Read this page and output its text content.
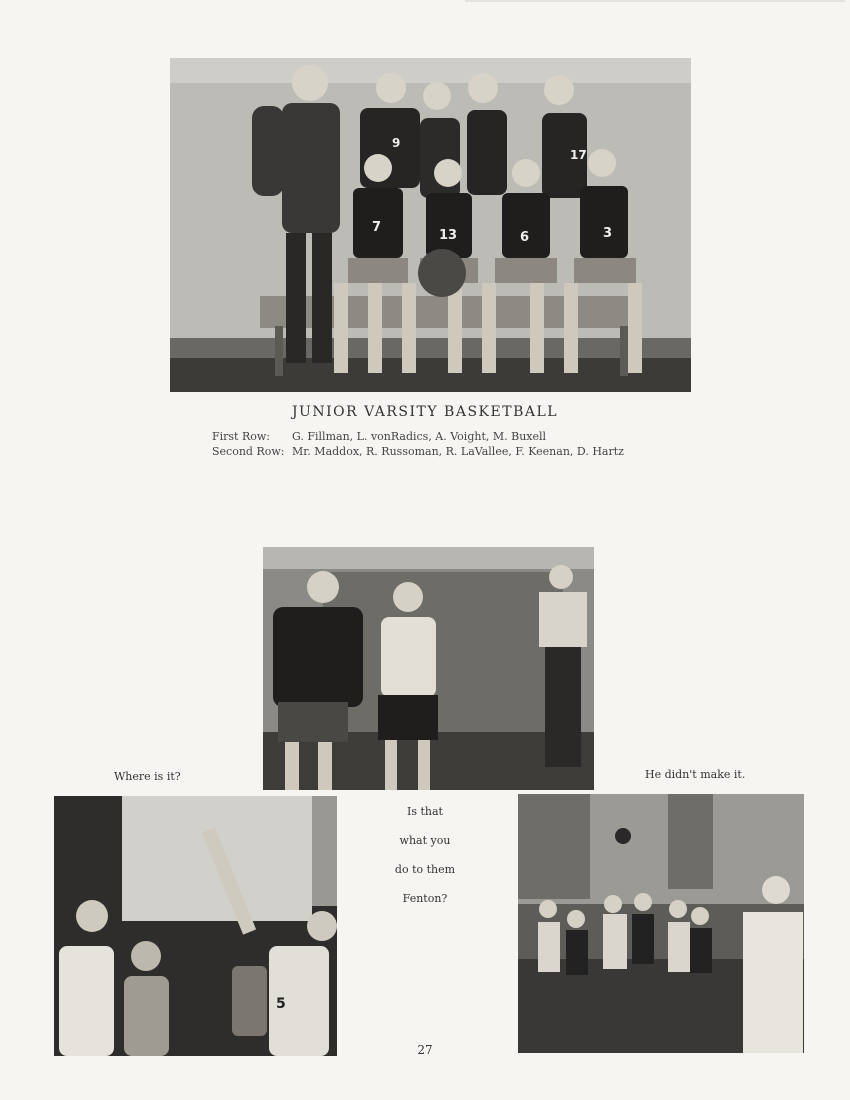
9
17
7
13	6	3
JUNIOR VARSITY BASKETBALL
First Row: G. Fillman, L. vonRadics, A. Voight, M. Buxell
Second Row: Mr. Maddox, R. Russoman, R. LaVallee, F. Keenan, D. Hartz
Where is it?	He didn't make it.
5
Is that
what you
do to them
Fenton?
27
